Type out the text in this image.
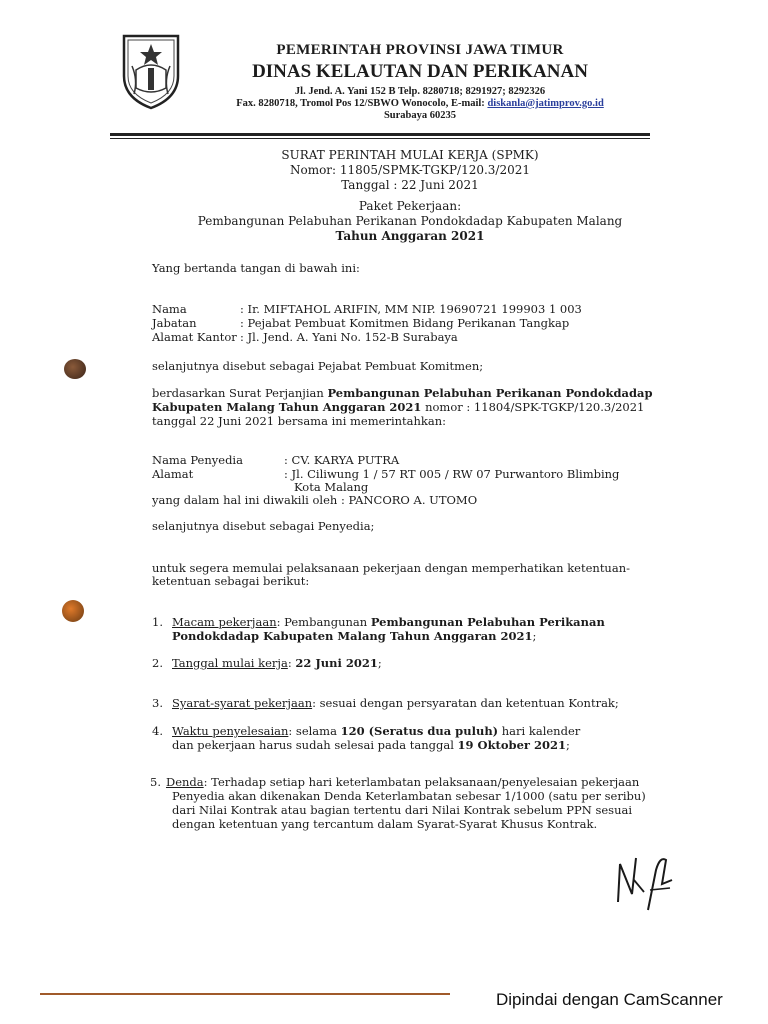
PEMERINTAH PROVINSI JAWA TIMUR
DINAS KELAUTAN DAN PERIKANAN
Jl. Jend. A. Yani 152 B Telp. 8280718; 8291927; 8292326
Fax. 8280718, Tromol Pos 12/SBWO Wonocolo, E-mail: diskanla@jatimprov.go.id
Surabaya 60235
SURAT PERINTAH MULAI KERJA (SPMK)
Nomor: 11805/SPMK-TGKP/120.3/2021
Tanggal : 22 Juni 2021
Paket Pekerjaan:
Pembangunan Pelabuhan Perikanan Pondokdadap Kabupaten Malang
Tahun Anggaran 2021
Yang bertanda tangan di bawah ini:
Nama	: Ir. MIFTAHOL ARIFIN, MM NIP. 19690721 199903 1 003
Jabatan	: Pejabat Pembuat Komitmen Bidang Perikanan Tangkap
Alamat Kantor : Jl. Jend. A. Yani No. 152-B Surabaya
selanjutnya disebut sebagai Pejabat Pembuat Komitmen;
berdasarkan Surat Perjanjian Pembangunan Pelabuhan Perikanan Pondokdadap
Kabupaten Malang Tahun Anggaran 2021 nomor : 11804/SPK-TGKP/120.3/2021
tanggal 22 Juni 2021 bersama ini memerintahkan:
Nama Penyedia	: CV. KARYA PUTRA
Alamat	: Jl. Ciliwung 1 / 57 RT 005 / RW 07 Purwantoro Blimbing
Kota Malang
yang dalam hal ini diwakili oleh : PANCORO A. UTOMO
selanjutnya disebut sebagai Penyedia;
untuk segera memulai pelaksanaan pekerjaan dengan memperhatikan ketentuan-
ketentuan sebagai berikut:
1. Macam pekerjaan: Pembangunan Pembangunan Pelabuhan Perikanan
Pondokdadap Kabupaten Malang Tahun Anggaran 2021;
2. Tanggal mulai kerja: 22 Juni 2021;
3. Syarat-syarat pekerjaan: sesuai dengan persyaratan dan ketentuan Kontrak;
4. Waktu penyelesaian: selama 120 (Seratus dua puluh) hari kalender
dan pekerjaan harus sudah selesai pada tanggal 19 Oktober 2021;
5. Denda: Terhadap setiap hari keterlambatan pelaksanaan/penyelesaian pekerjaan
Penyedia akan dikenakan Denda Keterlambatan sebesar 1/1000 (satu per seribu)
dari Nilai Kontrak atau bagian tertentu dari Nilai Kontrak sebelum PPN sesuai
dengan ketentuan yang tercantum dalam Syarat-Syarat Khusus Kontrak.
Dipindai dengan CamScanner
